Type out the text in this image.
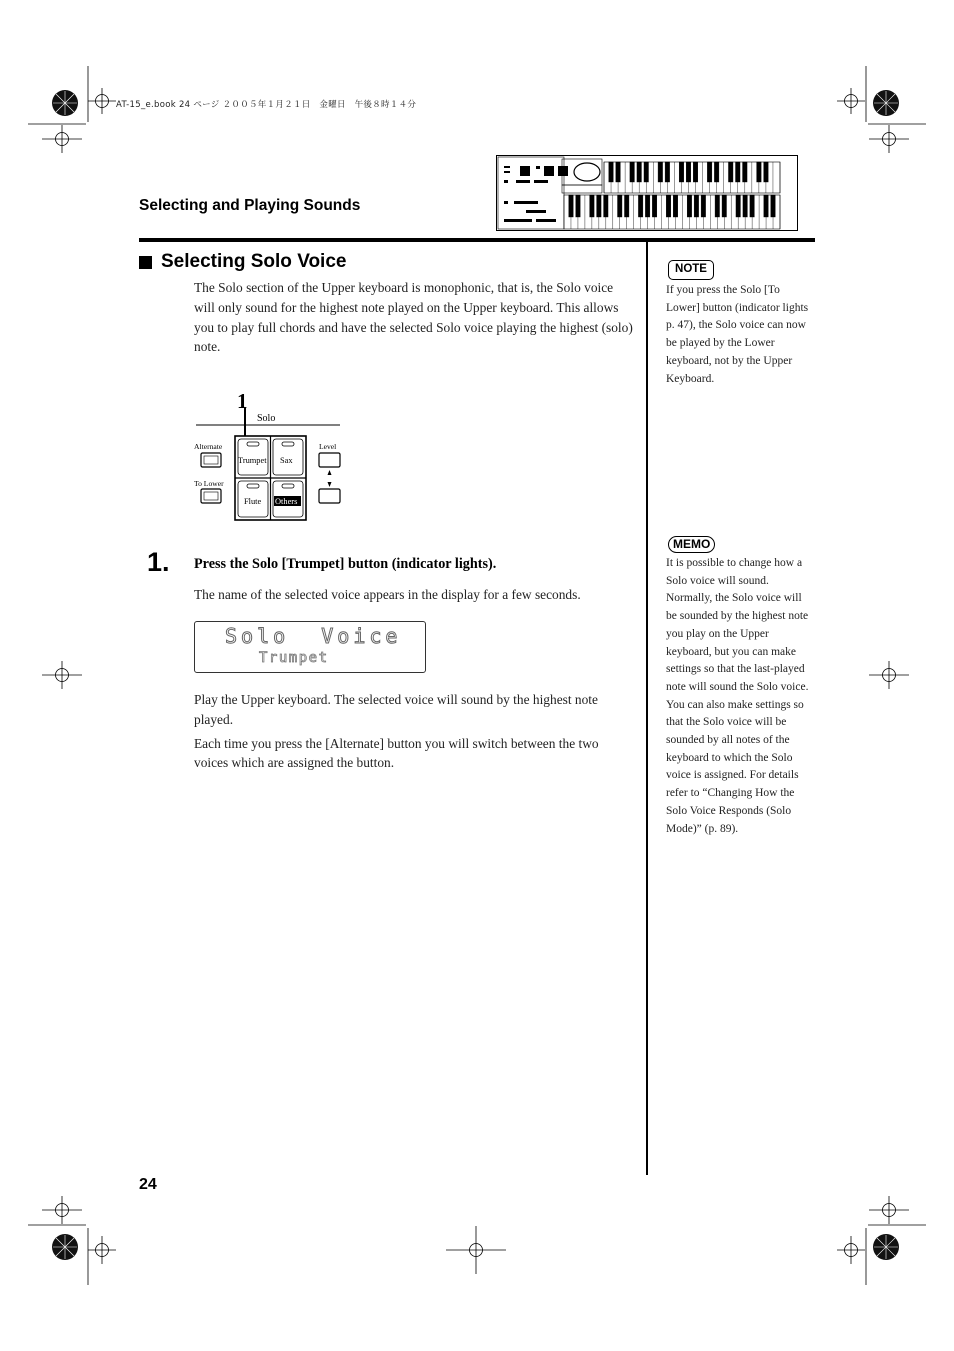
AT-15_e.book 24 ページ ２００５年１月２１日　金曜日　午後８時１４分
Selecting and Playing Sounds
Selecting Solo Voice
The Solo section of the Upper keyboard is monophonic, that is, the Solo voice will only sound for the highest note played on the Upper keyboard. This allows you to play full chords and have the selected Solo voice playing the highest (solo) note.
1
Solo
Alternate
To Lower
Trumpet Sax
Flute Others
Level
1. Press the Solo [Trumpet] button (indicator lights).
The name of the selected voice appears in the display for a few seconds.
Solo  Voice
Trumpet

Play the Upper keyboard. The selected voice will sound by the highest note played.

Each time you press the [Alternate] button you will switch between the two voices which are assigned the button.

NOTE
If you press the Solo [To Lower] button (indicator lights p. 47), the Solo voice can now be played by the Lower keyboard, not by the Upper Keyboard.
MEMO
It is possible to change how a Solo voice will sound. Normally, the Solo voice will be sounded by the highest note you play on the Upper keyboard, but you can make settings so that the last-played note will sound the Solo voice. You can also make settings so that the Solo voice will be sounded by all notes of the keyboard to which the Solo voice is assigned. For details refer to “Changing How the Solo Voice Responds (Solo Mode)” (p. 89).
24
